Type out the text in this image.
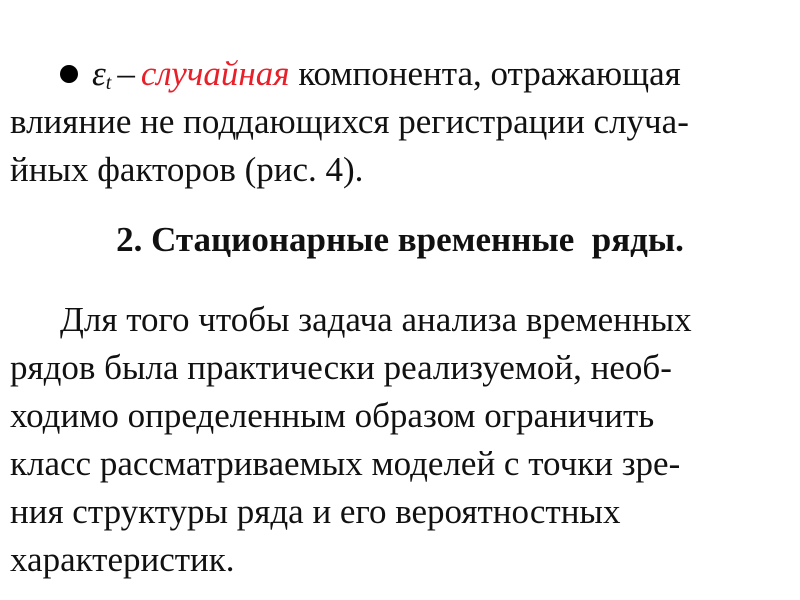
$\varepsilon_t$ – случайная компонента, отражающая
влияние не поддающихся регистрации случа-
йных факторов (рис. 4).
2. Стационарные временные  ряды.
Для того чтобы задача анализа временных
рядов была практически реализуемой, необ-
ходимо определенным образом ограничить
класс рассматриваемых моделей с точки зре-
ния структуры ряда и его вероятностных
характеристик.
